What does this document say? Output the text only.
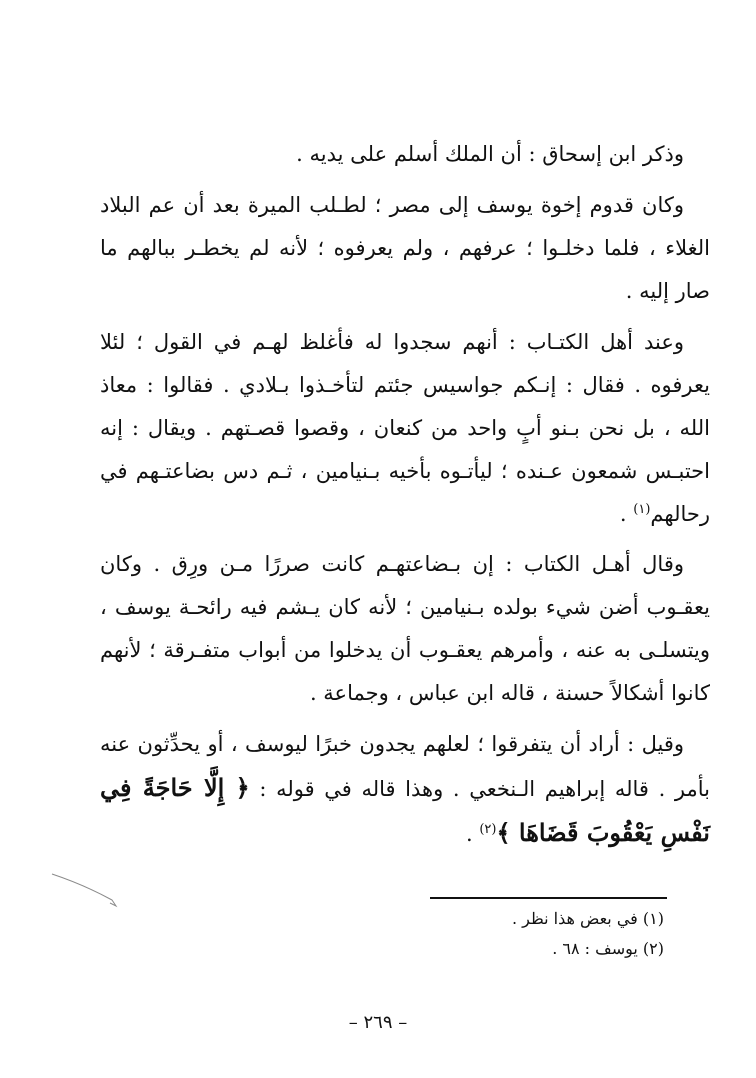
وذكر ابن إسحاق : أن الملك أسلم على يديه .

وكان قدوم إخوة يوسف إلى مصر ؛ لطـلب الميرة بعد أن عم البلاد الغلاء ، فلما دخلـوا ؛ عرفهم ، ولم يعرفوه ؛ لأنه لم يخطـر ببالهم ما صار إليه .

وعند أهل الكتـاب : أنهم سجدوا له فأغلظ لهـم في القول ؛ لئلا يعرفوه . فقال : إنـكم جواسيس جئتم لتأخـذوا بـلادي . فقالوا : معاذ الله ، بل نحن بـنو أبٍ واحد من كنعان ، وقصوا قصـتهم . ويقال : إنه احتبـس شمعون عـنده ؛ ليأتـوه بأخيه بـنيامين ، ثـم دس بضاعتـهم في رحالهم$^{(١)}$ .

وقال أهـل الكتاب : إن بـضاعتهـم كانت صررًا مـن ورِق . وكان يعقـوب أضن شيء بولده بـنيامين ؛ لأنه كان يـشم فيه رائحـة يوسف ، ويتسلـى به عنه ، وأمرهم يعقـوب أن يدخلوا من أبواب متفـرقة ؛ لأنهم كانوا أشكالاً حسنة ، قاله ابن عباس ، وجماعة .

وقيل : أراد أن يتفرقوا ؛ لعلهم يجدون خبرًا ليوسف ، أو يحدِّثون عنه بأمر . قاله إبراهيم الـنخعي . وهذا قاله في قوله : ﴿ إِلَّا حَاجَةً فِي نَفْسِ يَعْقُوبَ قَضَاهَا ﴾$^{(٢)}$ .

(١) في بعض هذا نظر .

(٢) يوسف : ٦٨ .

– ٢٦٩ –
